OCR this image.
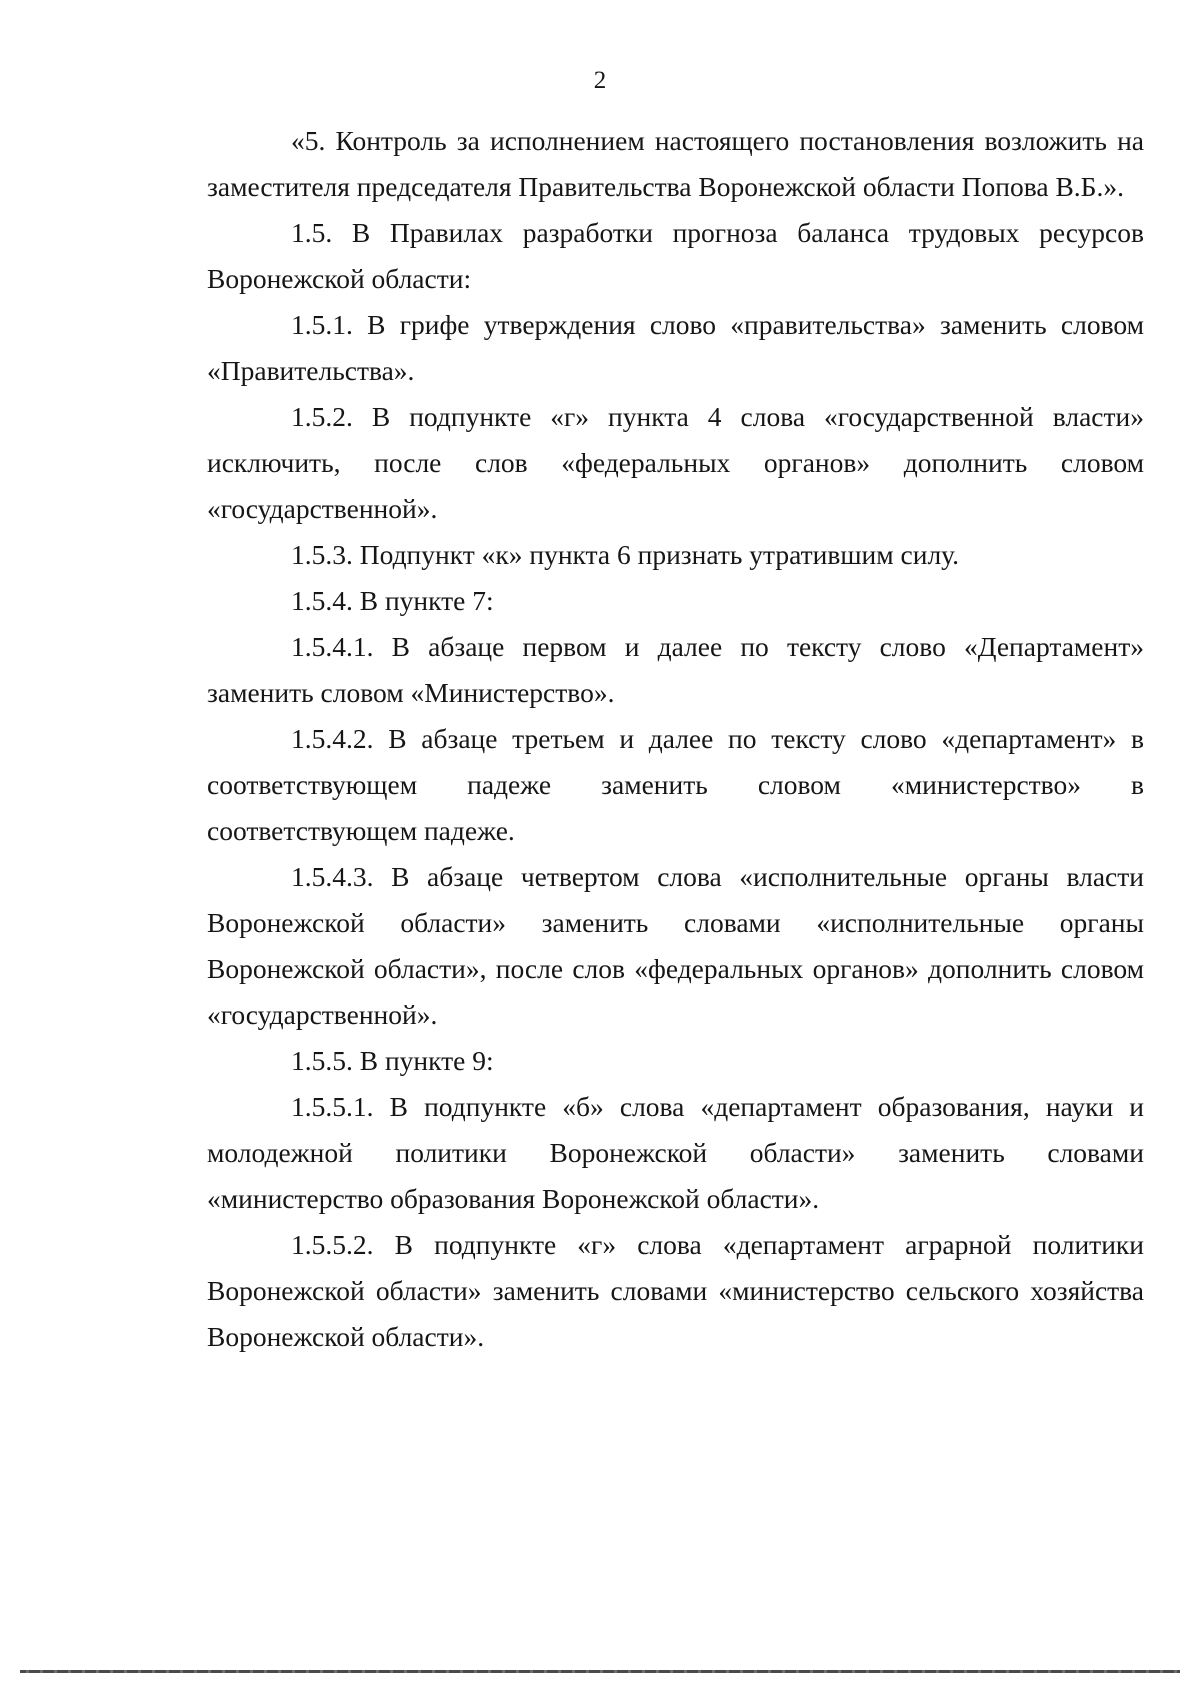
2

«5. Контроль за исполнением настоящего постановления возложить на заместителя председателя Правительства Воронежской области Попова В.Б.».

1.5. В Правилах разработки прогноза баланса трудовых ресурсов Воронежской области:

1.5.1. В грифе утверждения слово «правительства» заменить словом «Правительства».

1.5.2. В подпункте «г» пункта 4 слова «государственной власти» исключить, после слов «федеральных органов» дополнить словом «государственной».

1.5.3. Подпункт «к» пункта 6 признать утратившим силу.

1.5.4. В пункте 7:

1.5.4.1. В абзаце первом и далее по тексту слово «Департамент» заменить словом «Министерство».

1.5.4.2. В абзаце третьем и далее по тексту слово «департамент» в соответствующем падеже заменить словом «министерство» в соответствующем падеже.

1.5.4.3. В абзаце четвертом слова «исполнительные органы власти Воронежской области» заменить словами «исполнительные органы Воронежской области», после слов «федеральных органов» дополнить словом «государственной».

1.5.5. В пункте 9:

1.5.5.1. В подпункте «б» слова «департамент образования, науки и молодежной политики Воронежской области» заменить словами «министерство образования Воронежской области».

1.5.5.2. В подпункте «г» слова «департамент аграрной политики Воронежской области» заменить словами «министерство сельского хозяйства Воронежской области».
